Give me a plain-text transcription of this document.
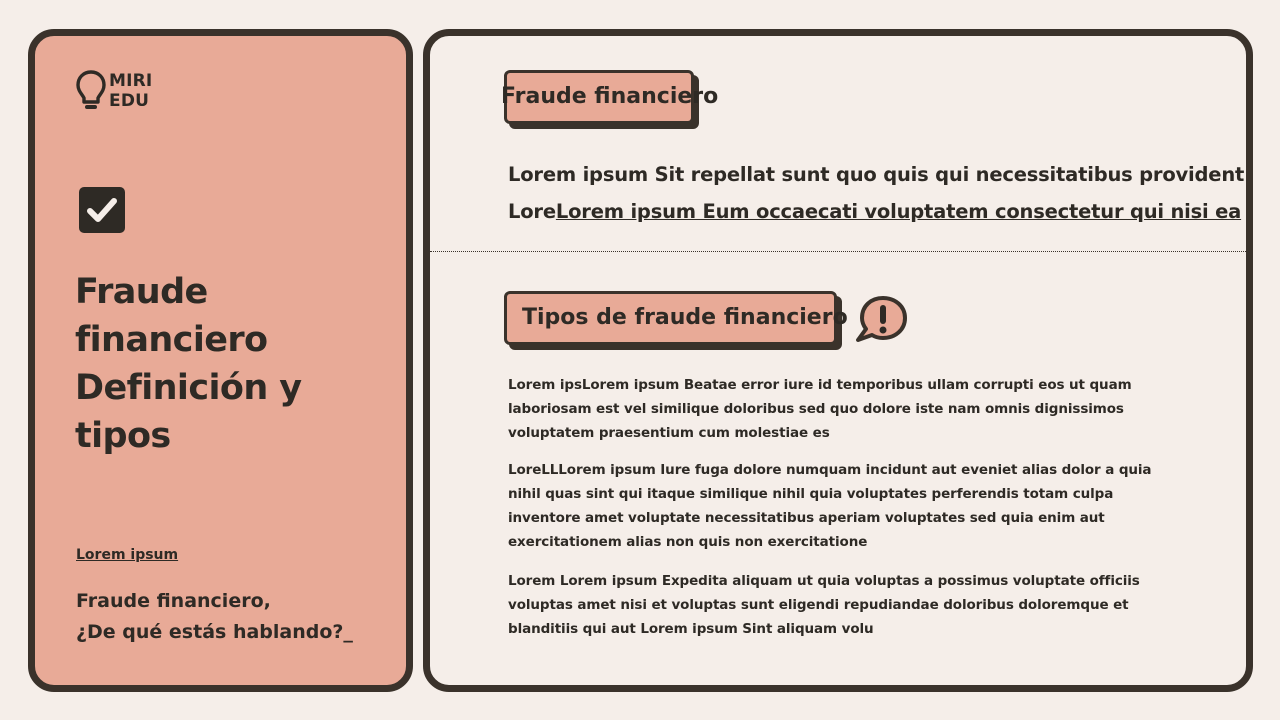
MIRI
EDU
Fraude financiero
Definición y tipos
Lorem ipsum
Fraude financiero,
¿De qué estás hablando?_
Fraude financiero
Lorem ipsum Sit repellat sunt quo quis qui necessitatibus provident
LoreLorem ipsum Eum occaecati voluptatem consectetur qui nisi ea
Tipos de fraude financiero
Lorem ipsLorem ipsum Beatae error iure id temporibus ullam corrupti eos ut quam laboriosam est vel similique doloribus sed quo dolore iste nam omnis dignissimos voluptatem praesentium cum molestiae es
LoreLLLorem ipsum Iure fuga dolore numquam incidunt aut eveniet alias dolor a quia nihil quas sint qui itaque similique nihil quia voluptates perferendis totam culpa inventore amet voluptate necessitatibus aperiam voluptates sed quia enim aut exercitationem alias non quis non exercitatione
Lorem Lorem ipsum Expedita aliquam ut quia voluptas a possimus voluptate officiis voluptas amet nisi et voluptas sunt eligendi repudiandae doloribus doloremque et blanditiis qui aut Lorem ipsum Sint aliquam volu
